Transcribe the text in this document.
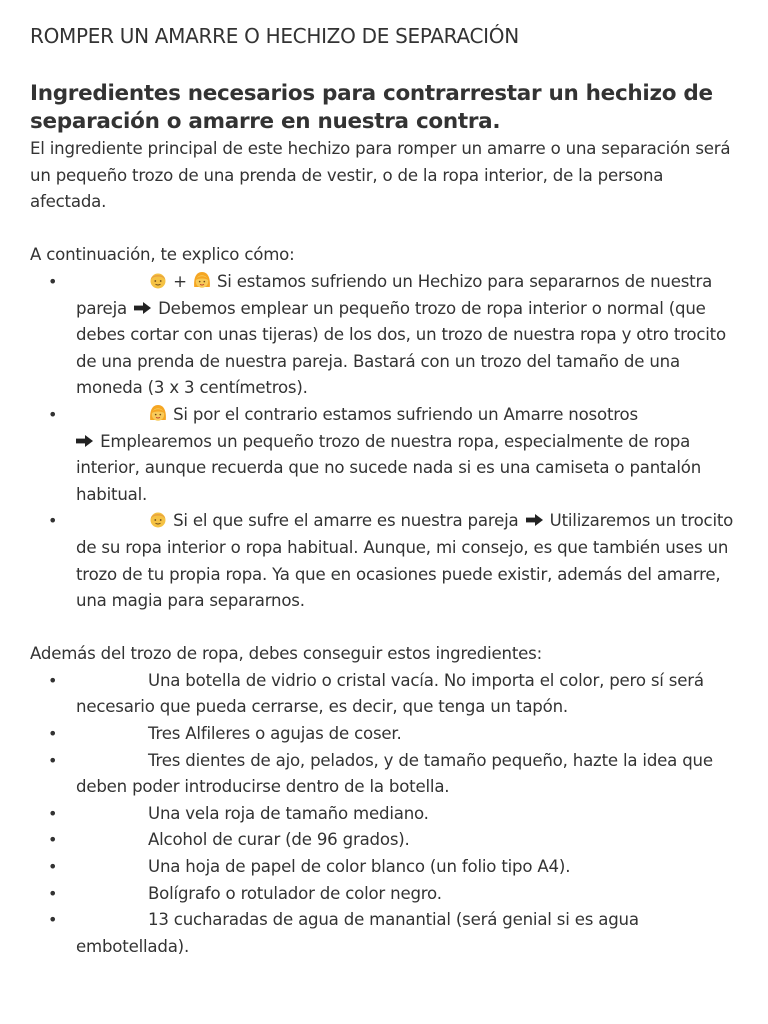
ROMPER UN AMARRE O HECHIZO DE SEPARACIÓN
Ingredientes necesarios para contrarrestar un hechizo de separación o amarre en nuestra contra.

El ingrediente principal de este hechizo para romper un amarre o una separación será un pequeño trozo de una prenda de vestir, o de la ropa interior, de la persona afectada.

A continuación, te explico cómo:

•	+ Si estamos sufriendo un Hechizo para separarnos de nuestra pareja Debemos emplear un pequeño trozo de ropa interior o normal (que debes cortar con unas tijeras) de los dos, un trozo de nuestra ropa y otro trocito de una prenda de nuestra pareja. Bastará con un trozo del tamaño de una moneda (3 x 3 centímetros).
•	Si por el contrario estamos sufriendo un Amarre nosotros

Emplearemos un pequeño trozo de nuestra ropa, especialmente de ropa interior, aunque recuerda que no sucede nada si es una camiseta o pantalón habitual.
•	Si el que sufre el amarre es nuestra pareja Utilizaremos un trocito de su ropa interior o ropa habitual. Aunque, mi consejo, es que también uses un trozo de tu propia ropa. Ya que en ocasiones puede existir, además del amarre, una magia para separarnos.

Además del trozo de ropa, debes conseguir estos ingredientes:

•	Una botella de vidrio o cristal vacía. No importa el color, pero sí será necesario que pueda cerrarse, es decir, que tenga un tapón.
•	Tres Alfileres o agujas de coser.
•	Tres dientes de ajo, pelados, y de tamaño pequeño, hazte la idea que deben poder introducirse dentro de la botella.
•	Una vela roja de tamaño mediano.
•	Alcohol de curar (de 96 grados).
•	Una hoja de papel de color blanco (un folio tipo A4).
•	Bolígrafo o rotulador de color negro.
•	13 cucharadas de agua de manantial (será genial si es agua embotellada).
